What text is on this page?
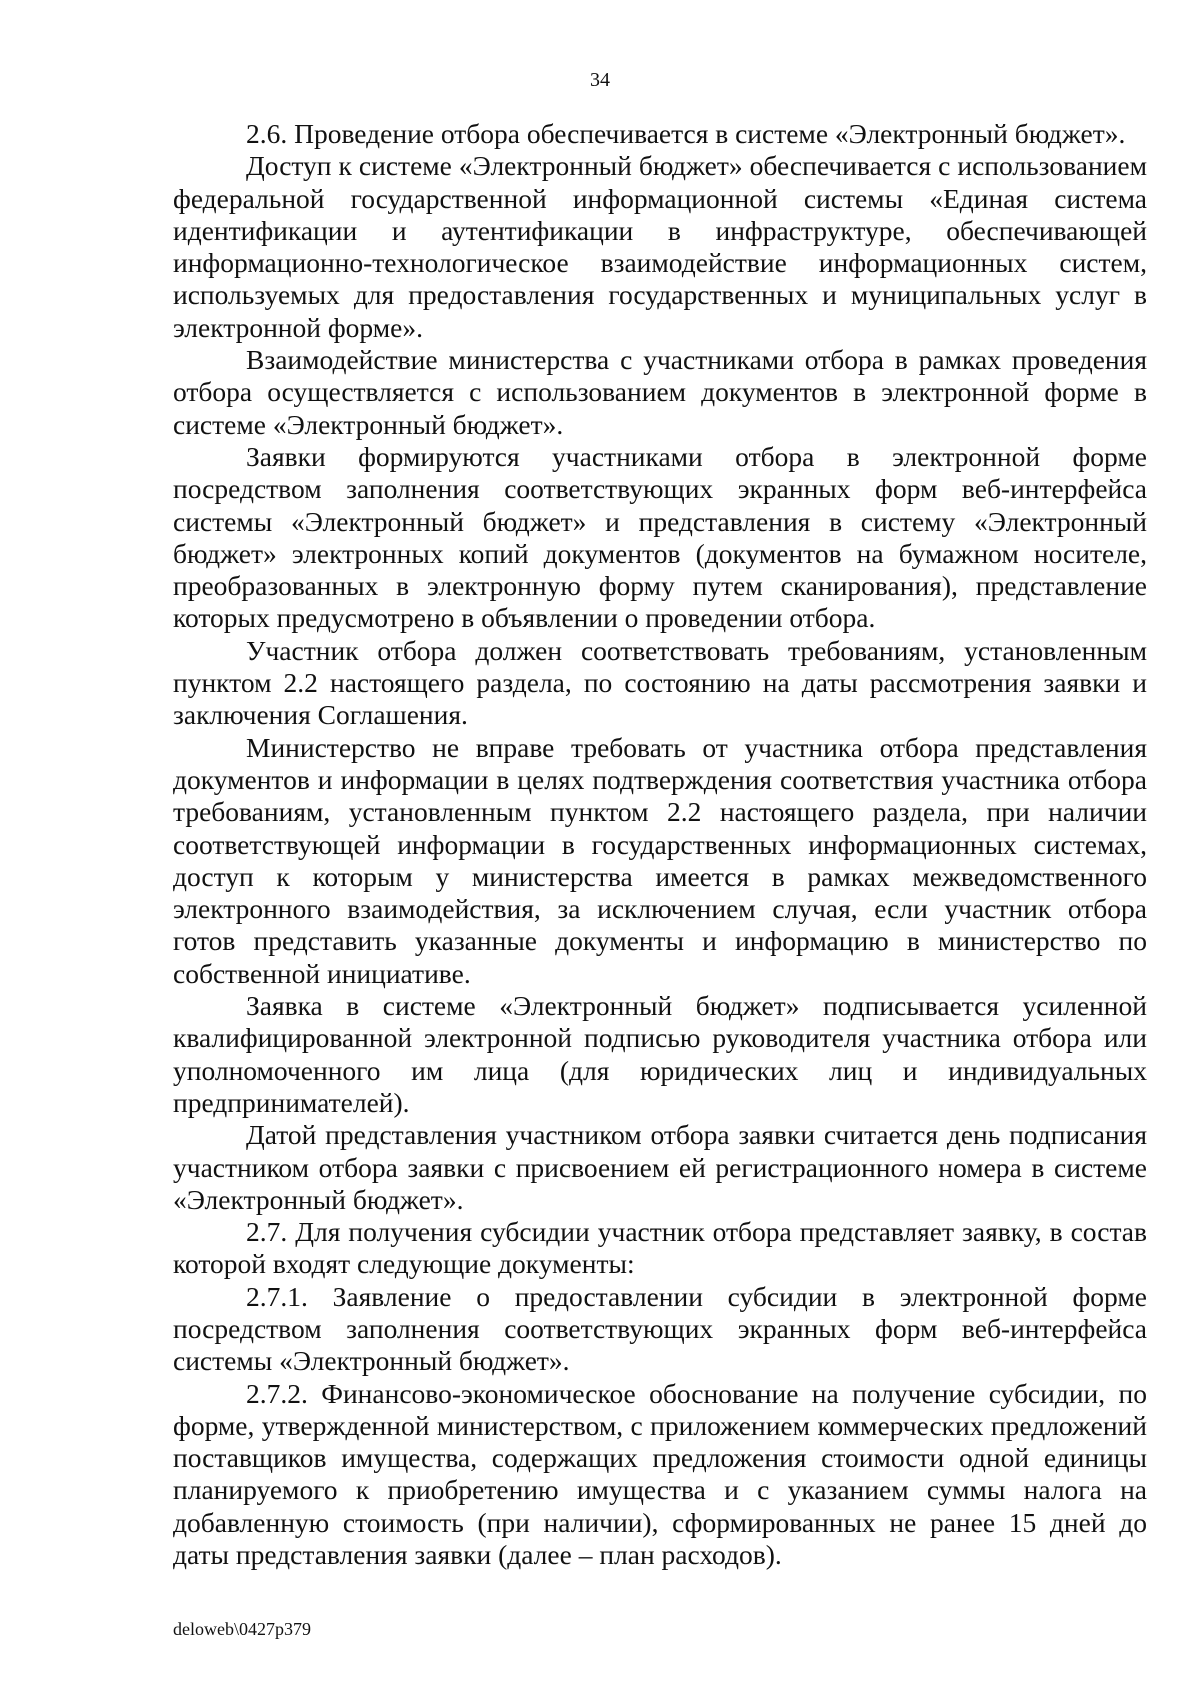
34

2.6. Проведение отбора обеспечивается в системе «Электронный бюджет».

Доступ к системе «Электронный бюджет» обеспечивается с использованием федеральной государственной информационной системы «Единая система идентификации и аутентификации в инфраструктуре, обеспечивающей информационно-технологическое взаимодействие информационных систем, используемых для предоставления государственных и муниципальных услуг в электронной форме».

Взаимодействие министерства с участниками отбора в рамках проведения отбора осуществляется с использованием документов в электронной форме в системе «Электронный бюджет».

Заявки формируются участниками отбора в электронной форме посредством заполнения соответствующих экранных форм веб-интерфейса системы «Электронный бюджет» и представления в систему «Электронный бюджет» электронных копий документов (документов на бумажном носителе, преобразованных в электронную форму путем сканирования), представление которых предусмотрено в объявлении о проведении отбора.

Участник отбора должен соответствовать требованиям, установленным пунктом 2.2 настоящего раздела, по состоянию на даты рассмотрения заявки и заключения Соглашения.

Министерство не вправе требовать от участника отбора представления документов и информации в целях подтверждения соответствия участника отбора требованиям, установленным пунктом 2.2 настоящего раздела, при наличии соответствующей информации в государственных информационных системах, доступ к которым у министерства имеется в рамках межведомственного электронного взаимодействия, за исключением случая, если участник отбора готов представить указанные документы и информацию в министерство по собственной инициативе.

Заявка в системе «Электронный бюджет» подписывается усиленной квалифицированной электронной подписью руководителя участника отбора или уполномоченного им лица (для юридических лиц и индивидуальных предпринимателей).

Датой представления участником отбора заявки считается день подписания участником отбора заявки с присвоением ей регистрационного номера в системе «Электронный бюджет».

2.7. Для получения субсидии участник отбора представляет заявку, в состав которой входят следующие документы:

2.7.1. Заявление о предоставлении субсидии в электронной форме посредством заполнения соответствующих экранных форм веб-интерфейса системы «Электронный бюджет».

2.7.2. Финансово-экономическое обоснование на получение субсидии, по форме, утвержденной министерством, с приложением коммерческих предложений поставщиков имущества, содержащих предложения стоимости одной единицы планируемого к приобретению имущества и с указанием суммы налога на добавленную стоимость (при наличии), сформированных не ранее 15 дней до даты представления заявки (далее – план расходов).

deloweb\0427p379
